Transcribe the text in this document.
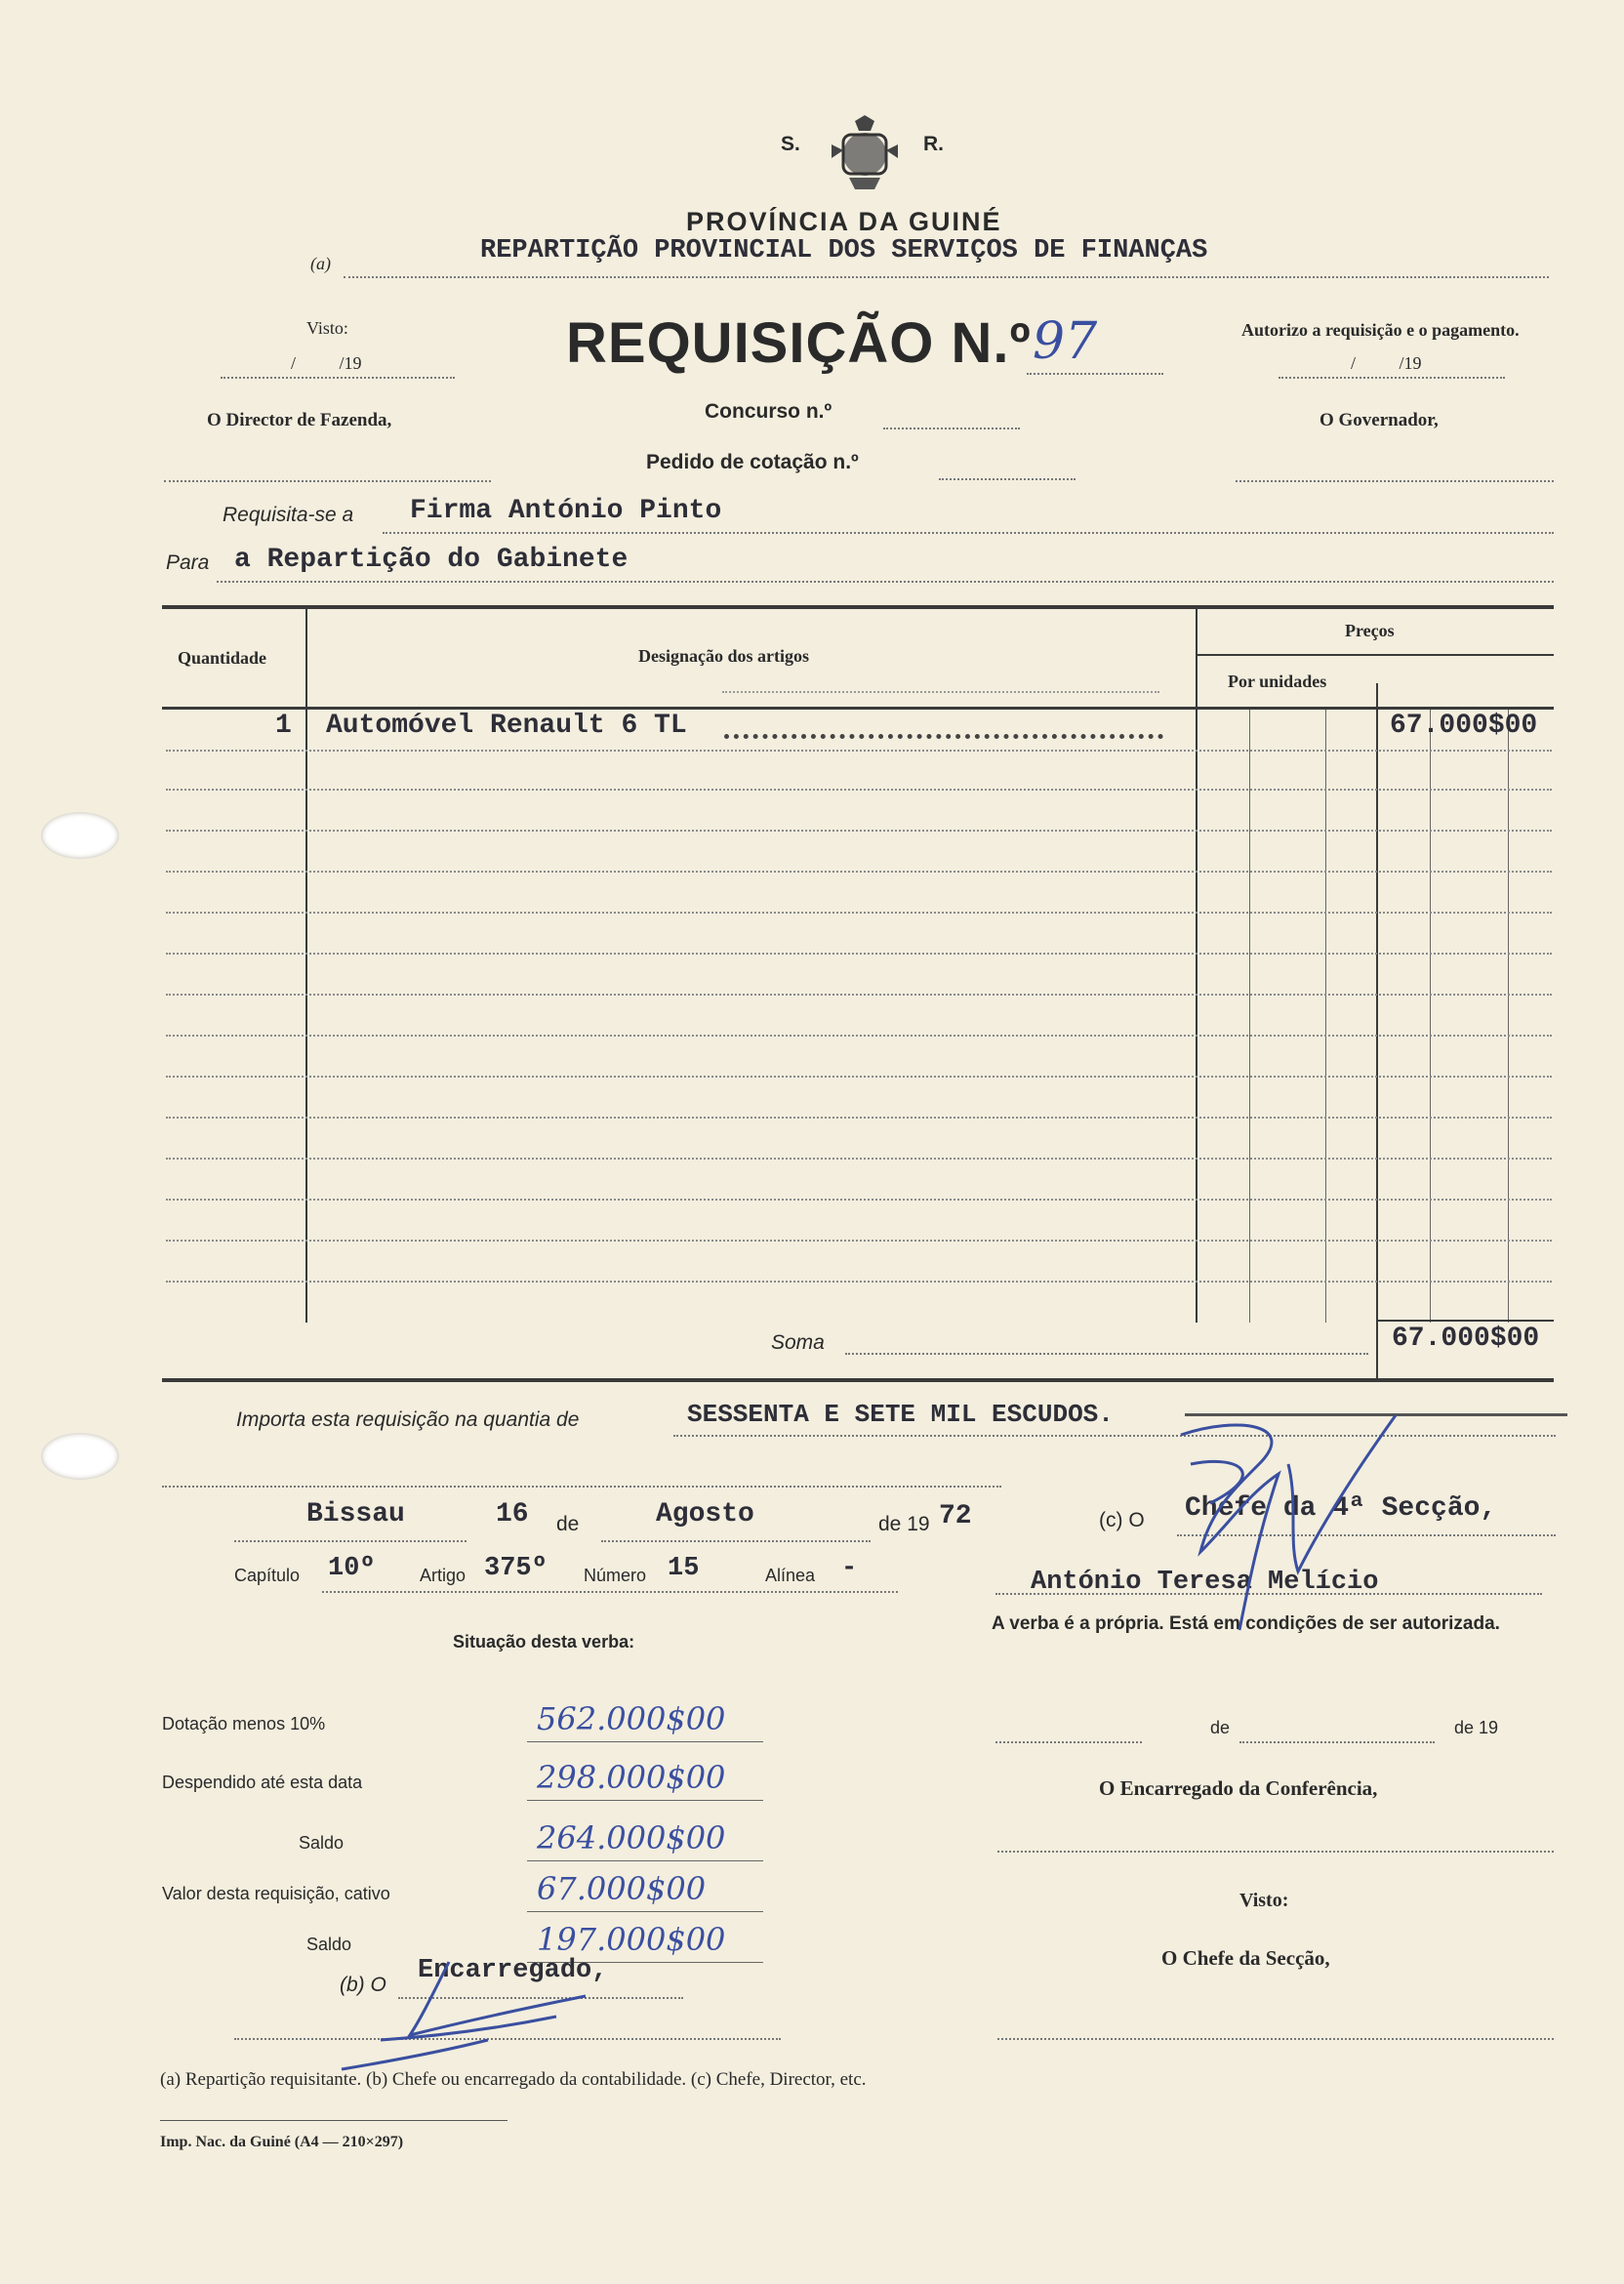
S.	R.
PROVÍNCIA DA GUINÉ
(a)	REPARTIÇÃO PROVINCIAL DOS SERVIÇOS DE FINANÇAS
Visto:
/ /19
O Director de Fazenda,
REQUISIÇÃO N.º 97	Autorizo a requisição e o pagamento.
/ /19
O Governador,
Concurso n.º
Pedido de cotação n.º
Requisita-se a Firma António Pinto
Para a Repartição do Gabinete
Quantidade	Designação dos artigos
Preços
Por unidades
1 Automóvel Renault 6 TL	67.000$00
Soma	67.000$00
Importa esta requisição na quantia de	SESSENTA E SETE MIL ESCUDOS.
Bissau	16 de	Agosto	de 19 72	(c) O Chefe da 4ª Secção,
António Teresa Melício
Capítulo 10º	Artigo 375º Número 15	Alínea -
A verba é a própria. Está em condições de ser autorizada.
Situação desta verba:
Dotação menos 10%	562.000$00
Despendido até esta data	298.000$00
Saldo	264.000$00
Valor desta requisição, cativo	67.000$00
Saldo	197.000$00
(b) O Encarregado,
de	de 19
O Encarregado da Conferência,
Visto:
O Chefe da Secção,
(a) Repartição requisitante. (b) Chefe ou encarregado da contabilidade. (c) Chefe, Director, etc.
Imp. Nac. da Guiné (A4 — 210×297)
